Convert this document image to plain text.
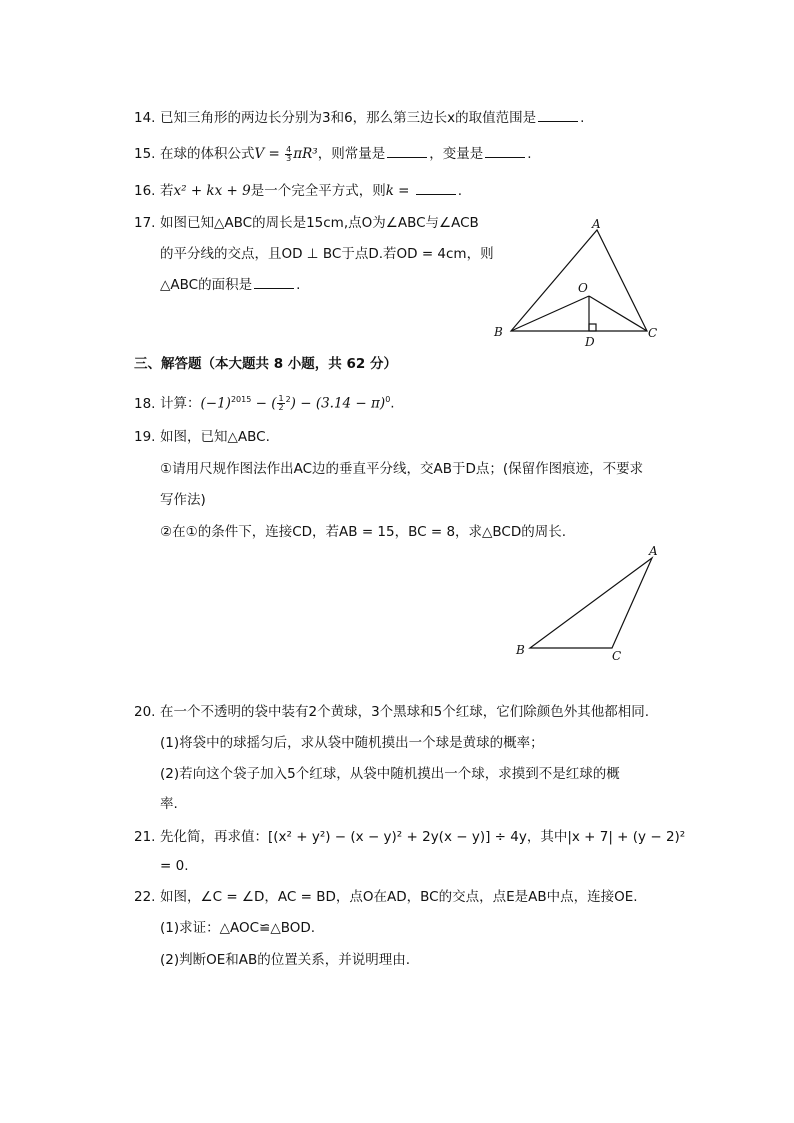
14. 已知三角形的两边长分别为3和6，那么第三边长x的取值范围是	.
15. 在球的体积公式$V = \frac{4}{3} \pi R^3$，则常量是	，变量是	.
16. 若x² + kx + 9是一个完全平方式，则k =	.
17. 如图已知△ABC的周长是15cm,点O为∠ABC与∠ACB
的平分线的交点，且OD ⊥ BC于点D.若OD = 4cm，则
△ABC的面积是	.
A
B	C
O
D
三、解答题（本大题共 8 小题，共 62 分）
18. 计算：$(-1)^{2015}$ − ( $\frac{1}{2} ^2) - (3.14 - \pi)^0$.
19. 如图，已知△ABC.
①请用尺规作图法作出AC边的垂直平分线，交AB于D点；(保留作图痕迹，不要求
写作法)
②在①的条件下，连接CD，若AB = 15，BC = 8，求△BCD的周长.
A
B	C
20. 在一个不透明的袋中装有2个黄球，3个黑球和5个红球，它们除颜色外其他都相同.
(1)将袋中的球摇匀后，求从袋中随机摸出一个球是黄球的概率；
(2)若向这个袋子加入5个红球，从袋中随机摸出一个球，求摸到不是红球的概
率.
21. 先化简，再求值：[(x² + y²) − (x − y)² + 2y(x − y)] ÷ 4y，其中|x + 7| + (y − 2)²
= 0.
22. 如图，∠C = ∠D，AC = BD，点O在AD，BC的交点，点E是AB中点，连接OE.
(1)求证：△AOC≌△BOD.
(2)判断OE和AB的位置关系，并说明理由.
